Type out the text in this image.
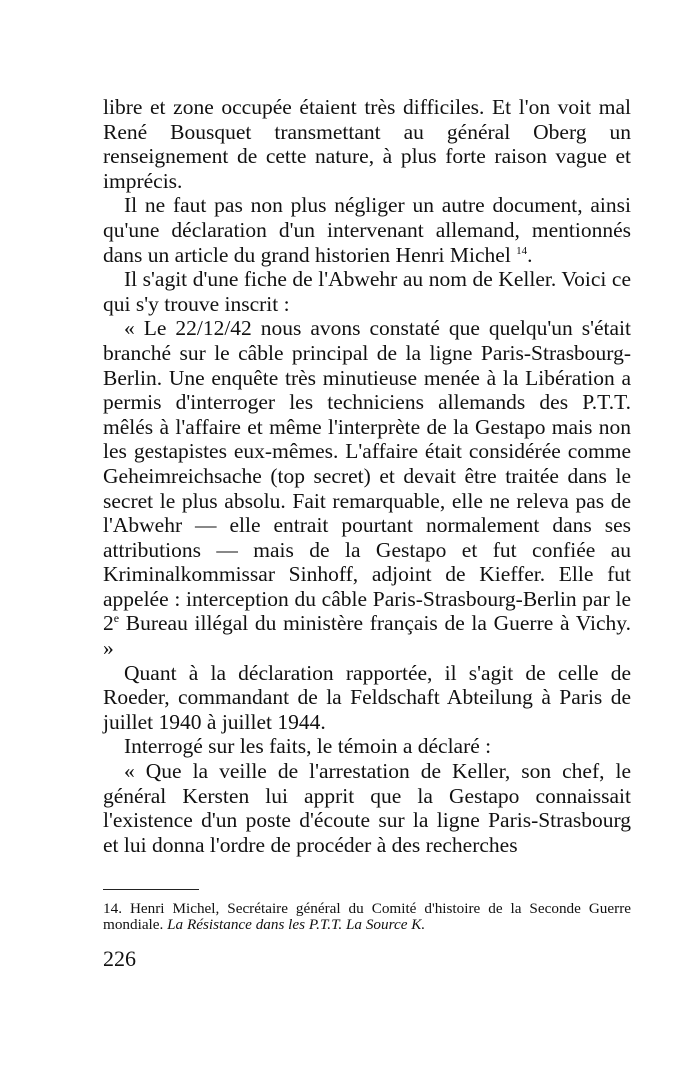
libre et zone occupée étaient très difficiles. Et l'on voit mal René Bousquet transmettant au général Oberg un renseignement de cette nature, à plus forte raison vague et imprécis.

Il ne faut pas non plus négliger un autre document, ainsi qu'une déclaration d'un intervenant allemand, mentionnés dans un article du grand historien Henri Michel $^{14}$.

Il s'agit d'une fiche de l'Abwehr au nom de Keller. Voici ce qui s'y trouve inscrit :

« Le 22/12/42 nous avons constaté que quelqu'un s'était branché sur le câble principal de la ligne Paris-Strasbourg-Berlin. Une enquête très minutieuse menée à la Libération a permis d'interroger les techniciens allemands des P.T.T. mêlés à l'affaire et même l'interprète de la Gestapo mais non les gestapistes eux-mêmes. L'affaire était considérée comme Geheimreichsache (top secret) et devait être traitée dans le secret le plus absolu. Fait remarquable, elle ne releva pas de l'Abwehr — elle entrait pourtant normalement dans ses attributions — mais de la Gestapo et fut confiée au Kriminalkommissar Sinhoff, adjoint de Kieffer. Elle fut appelée : interception du câble Paris-Strasbourg-Berlin par le 2e Bureau illégal du ministère français de la Guerre à Vichy. »

Quant à la déclaration rapportée, il s'agit de celle de Roeder, commandant de la Feldschaft Abteilung à Paris de juillet 1940 à juillet 1944.

Interrogé sur les faits, le témoin a déclaré :

« Que la veille de l'arrestation de Keller, son chef, le général Kersten lui apprit que la Gestapo connaissait l'existence d'un poste d'écoute sur la ligne Paris-Strasbourg et lui donna l'ordre de procéder à des recherches

14. Henri Michel, Secrétaire général du Comité d'histoire de la Seconde Guerre mondiale. La Résistance dans les P.T.T. La Source K.

226
